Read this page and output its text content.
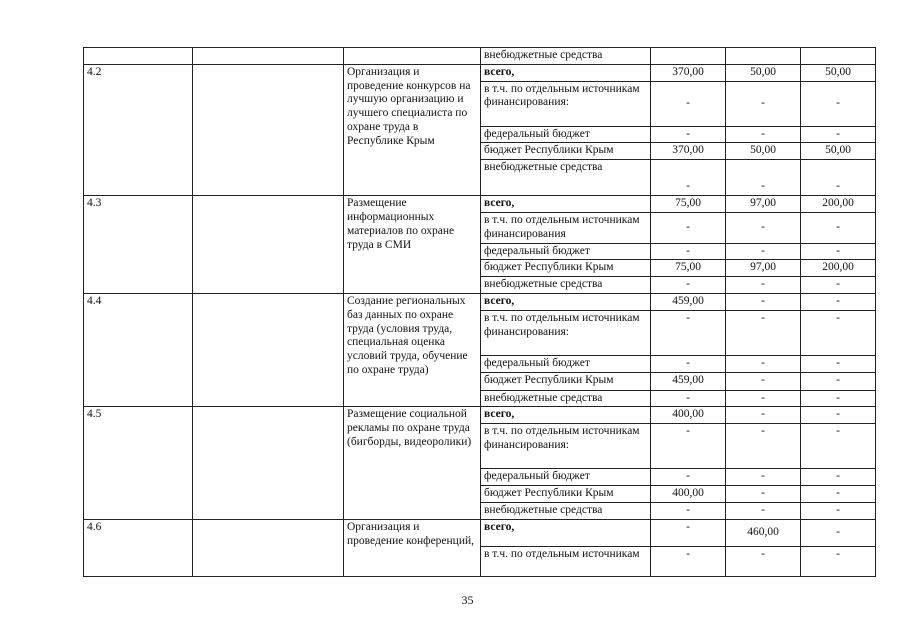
			внебюджетные средства			
4.2		Организация и проведение конкурсов на лучшую организацию и лучшего специалиста по охране труда в Республике Крым	всего,	370,00	50,00	50,00
			в т.ч. по отдельным источникам финансирования:	-	-	-
			федеральный бюджет	-	-	-
			бюджет Республики Крым	370,00	50,00	50,00
			внебюджетные средства	-	-	-
4.3		Размещение информационных материалов по охране труда в СМИ	всего,	75,00	97,00	200,00
			в т.ч. по отдельным источникам финансирования	-	-	-
			федеральный бюджет	-	-	-
			бюджет Республики Крым	75,00	97,00	200,00
			внебюджетные средства	-	-	-
4.4		Создание региональных баз данных по охране труда (условия труда, специальная оценка условий труда, обучение по охране труда)	всего,	459,00	-	-
			в т.ч. по отдельным источникам финансирования:	-	-	-
			федеральный бюджет	-	-	-
			бюджет Республики Крым	459,00	-	-
			внебюджетные средства	-	-	-
4.5		Размещение социальной рекламы по охране труда (бигборды, видеоролики)	всего,	400,00	-	-
			в т.ч. по отдельным источникам финансирования:	-	-	-
			федеральный бюджет	-	-	-
			бюджет Республики Крым	400,00	-	-
			внебюджетные средства	-	-	-
4.6		Организация и проведение конференций,	всего,	-	460,00	-
			в т.ч. по отдельным источникам	-	-	-
35
